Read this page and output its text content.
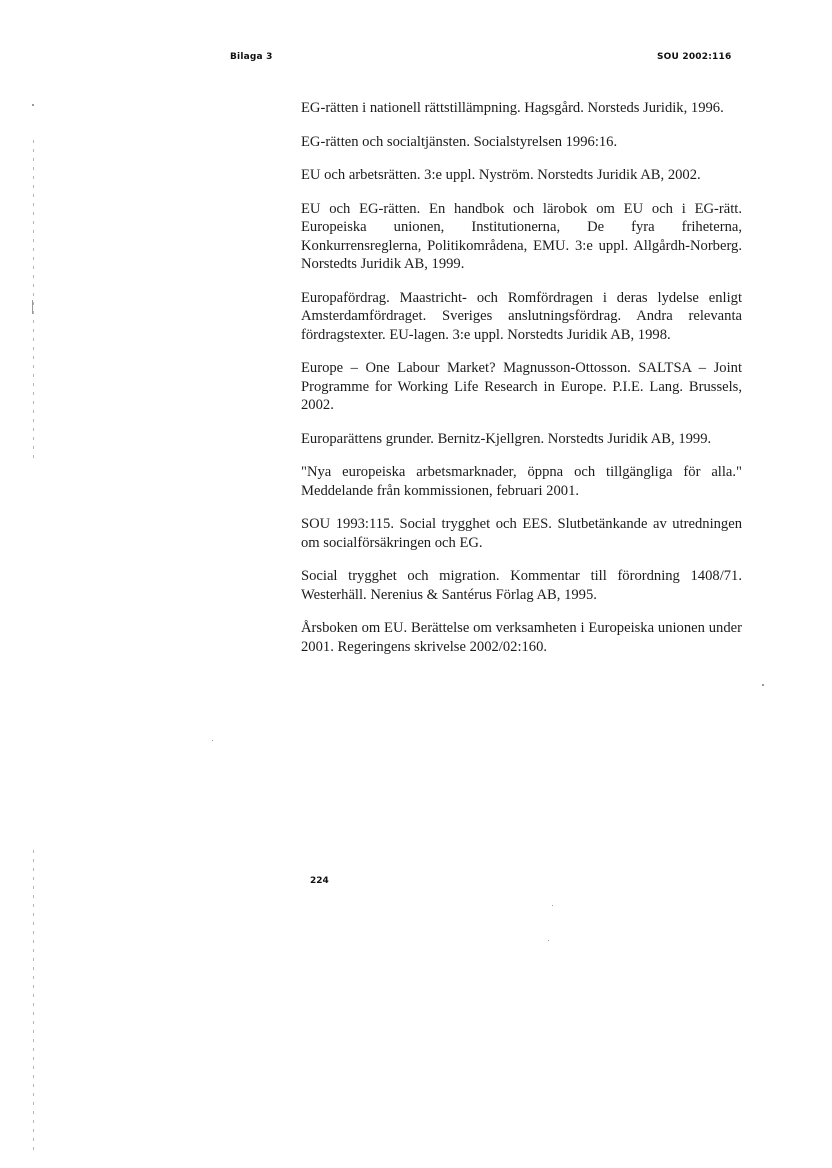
Bilaga 3	SOU 2002:116
EG-rätten i nationell rättstillämpning. Hagsgård. Norsteds Juridik, 1996.
EG-rätten och socialtjänsten. Socialstyrelsen 1996:16.
EU och arbetsrätten. 3:e uppl. Nyström. Norstedts Juridik AB, 2002.
EU och EG-rätten. En handbok och lärobok om EU och i EG-rätt. Europeiska unionen, Institutionerna, De fyra friheterna, Konkurrensreglerna, Politikområdena, EMU. 3:e uppl. Allgårdh-Norberg. Norstedts Juridik AB, 1999.
Europafördrag. Maastricht- och Romfördragen i deras lydelse enligt Amsterdamfördraget. Sveriges anslutningsfördrag. Andra relevanta fördragstexter. EU-lagen. 3:e uppl. Norstedts Juridik AB, 1998.
Europe – One Labour Market? Magnusson-Ottosson. SALTSA – Joint Programme for Working Life Research in Europe. P.I.E. Lang. Brussels, 2002.
Europarättens grunder. Bernitz-Kjellgren. Norstedts Juridik AB, 1999.
"Nya europeiska arbetsmarknader, öppna och tillgängliga för alla." Meddelande från kommissionen, februari 2001.
SOU 1993:115. Social trygghet och EES. Slutbetänkande av utredningen om socialförsäkringen och EG.
Social trygghet och migration. Kommentar till förordning 1408/71. Westerhäll. Nerenius & Santérus Förlag AB, 1995.
Årsboken om EU. Berättelse om verksamheten i Europeiska unionen under 2001. Regeringens skrivelse 2002/02:160.
224
